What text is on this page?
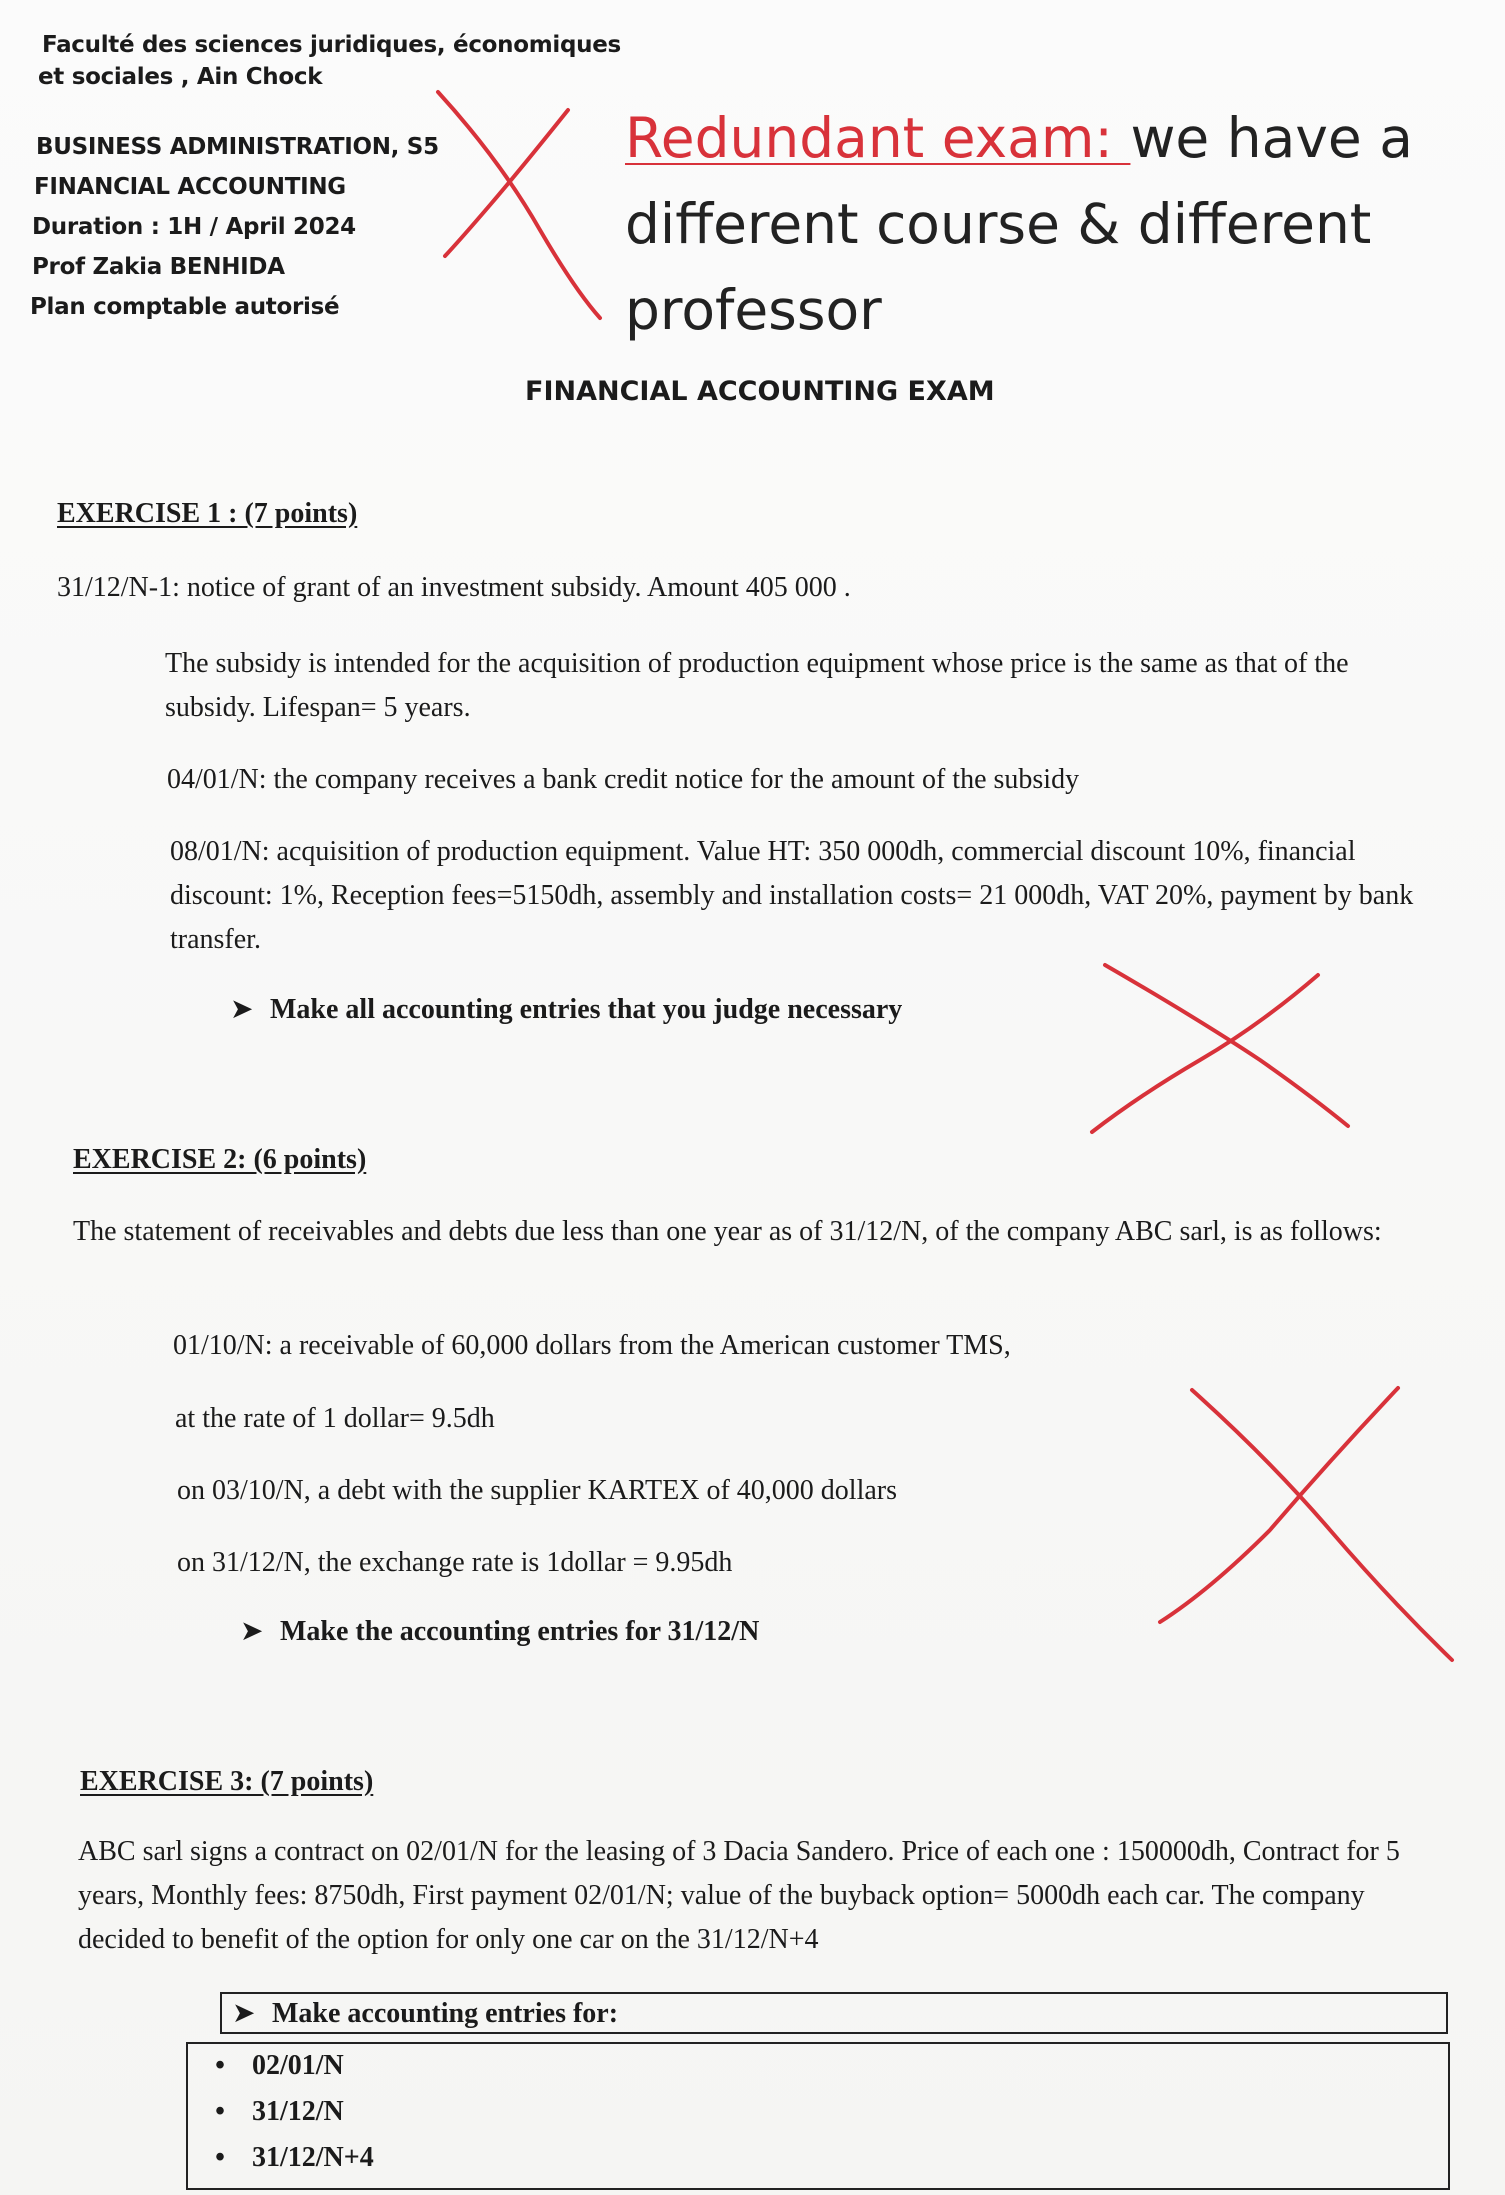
Faculté des sciences juridiques, économiques
et sociales , Ain Chock
BUSINESS ADMINISTRATION, S5
FINANCIAL ACCOUNTING
Duration : 1H / April 2024
Prof Zakia BENHIDA
Plan comptable autorisé
Redundant exam: we have a different course & different professor
FINANCIAL ACCOUNTING EXAM
EXERCISE 1 : (7 points)
31/12/N-1: notice of grant of an investment subsidy. Amount 405 000 .
The subsidy is intended for the acquisition of production equipment whose price is the same as that of the subsidy. Lifespan= 5 years.
04/01/N: the company receives a bank credit notice for the amount of the subsidy
08/01/N: acquisition of production equipment. Value HT: 350 000dh, commercial discount 10%, financial discount: 1%, Reception fees=5150dh, assembly and installation costs= 21 000dh, VAT 20%, payment by bank transfer.
➤ Make all accounting entries that you judge necessary
EXERCISE 2: (6 points)
The statement of receivables and debts due less than one year as of 31/12/N, of the company ABC sarl, is as follows:
01/10/N: a receivable of 60,000 dollars from the American customer TMS,
at the rate of 1 dollar= 9.5dh
on 03/10/N, a debt with the supplier KARTEX of 40,000 dollars
on 31/12/N, the exchange rate is 1dollar = 9.95dh
➤ Make the accounting entries for 31/12/N
EXERCISE 3: (7 points)
ABC sarl signs a contract on 02/01/N for the leasing of 3 Dacia Sandero. Price of each one : 150000dh, Contract for 5 years, Monthly fees: 8750dh, First payment 02/01/N; value of the buyback option= 5000dh each car. The company decided to benefit of the option for only one car on the 31/12/N+4
➤ Make accounting entries for:
• 02/01/N
• 31/12/N
• 31/12/N+4
